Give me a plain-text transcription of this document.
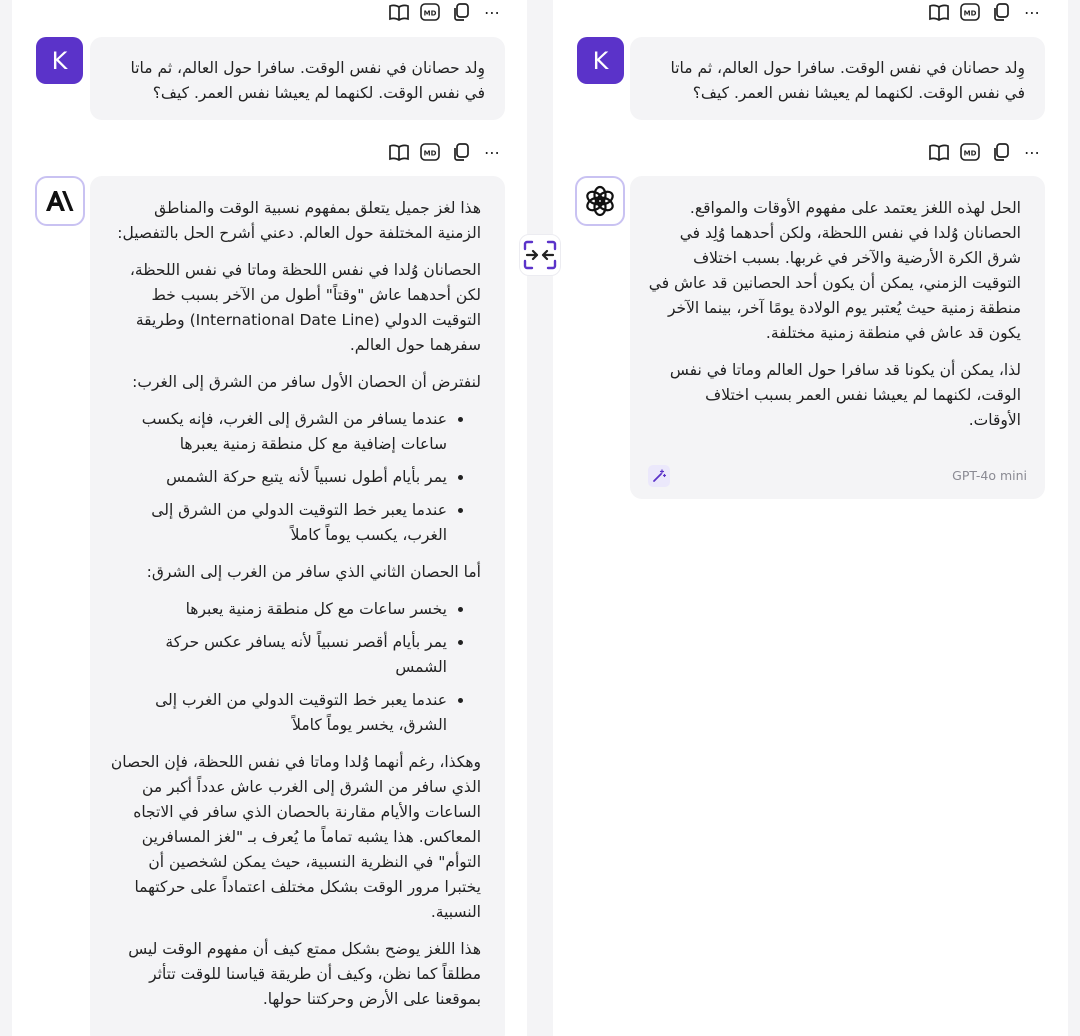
MD	⋯
K	وِلد حصانان في نفس الوقت. سافرا حول العالم، ثم ماتا

في نفس الوقت. لكنهما لم يعيشا نفس العمر. كيف؟

MD	⋯

هذا لغز جميل يتعلق بمفهوم نسبية الوقت والمناطق الزمنية المختلفة حول العالم. دعني أشرح الحل بالتفصيل:

الحصانان وُلدا في نفس اللحظة وماتا في نفس اللحظة، لكن أحدهما عاش "وقتاً" أطول من الآخر بسبب خط التوقيت الدولي (International Date Line) وطريقة سفرهما حول العالم.

لنفترض أن الحصان الأول سافر من الشرق إلى الغرب:

• عندما يسافر من الشرق إلى الغرب، فإنه يكسب ساعات إضافية مع كل منطقة زمنية يعبرها
• يمر بأيام أطول نسبياً لأنه يتبع حركة الشمس
• عندما يعبر خط التوقيت الدولي من الشرق إلى الغرب، يكسب يوماً كاملاً

أما الحصان الثاني الذي سافر من الغرب إلى الشرق:

• يخسر ساعات مع كل منطقة زمنية يعبرها
• يمر بأيام أقصر نسبياً لأنه يسافر عكس حركة الشمس
• عندما يعبر خط التوقيت الدولي من الغرب إلى الشرق، يخسر يوماً كاملاً

وهكذا، رغم أنهما وُلدا وماتا في نفس اللحظة، فإن الحصان الذي سافر من الشرق إلى الغرب عاش عدداً أكبر من الساعات والأيام مقارنة بالحصان الذي سافر في الاتجاه المعاكس. هذا يشبه تماماً ما يُعرف بـ "لغز المسافرين التوأم" في النظرية النسبية، حيث يمكن لشخصين أن يختبرا مرور الوقت بشكل مختلف اعتماداً على حركتهما النسبية.

هذا اللغز يوضح بشكل ممتع كيف أن مفهوم الوقت ليس مطلقاً كما نظن، وكيف أن طريقة قياسنا للوقت تتأثر بموقعنا على الأرض وحركتنا حولها.

MD	⋯
K	وِلد حصانان في نفس الوقت. سافرا حول العالم، ثم ماتا

في نفس الوقت. لكنهما لم يعيشا نفس العمر. كيف؟

MD	⋯

الحل لهذه اللغز يعتمد على مفهوم الأوقات والمواقع. الحصانان وُلدا في نفس اللحظة، ولكن أحدهما وُلِد في شرق الكرة الأرضية والآخر في غربها. بسبب اختلاف التوقيت الزمني، يمكن أن يكون أحد الحصانين قد عاش في منطقة زمنية حيث يُعتبر يوم الولادة يومًا آخر، بينما الآخر يكون قد عاش في منطقة زمنية مختلفة.

لذا، يمكن أن يكونا قد سافرا حول العالم وماتا في نفس الوقت، لكنهما لم يعيشا نفس العمر بسبب اختلاف الأوقات.

GPT-4o mini
